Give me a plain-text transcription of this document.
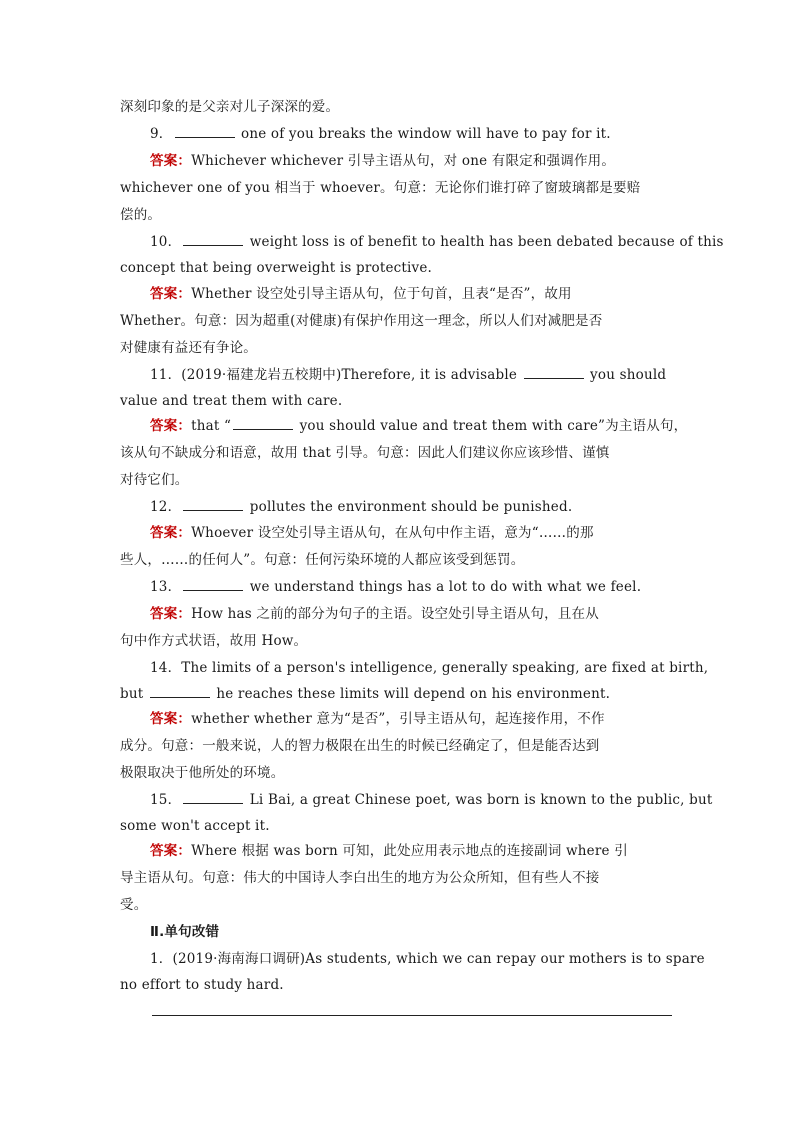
深刻印象的是父亲对儿子深深的爱。
9．	one of you breaks the window will have to pay for it.
答案：Whichever whichever 引导主语从句，对 one 有限定和强调作用。
whichever one of you 相当于 whoever。句意：无论你们谁打碎了窗玻璃都是要赔
偿的。
10．	weight loss is of benefit to health has been debated because of this
concept that being overweight is protective.
答案：Whether 设空处引导主语从句，位于句首，且表“是否”，故用
Whether。句意：因为超重(对健康)有保护作用这一理念，所以人们对减肥是否
对健康有益还有争论。
11．(2019·福建龙岩五校期中)Therefore, it is advisable	you should
value and treat them with care.
答案：that “	you should value and treat them with care”为主语从句，
该从句不缺成分和语意，故用 that 引导。句意：因此人们建议你应该珍惜、谨慎
对待它们。
12．	pollutes the environment should be punished.
答案：Whoever 设空处引导主语从句，在从句中作主语，意为“……的那
些人，……的任何人”。句意：任何污染环境的人都应该受到惩罚。
13．	we understand things has a lot to do with what we feel.
答案：How has 之前的部分为句子的主语。设空处引导主语从句，且在从
句中作方式状语，故用 How。
14．The limits of a person's intelligence, generally speaking, are fixed at birth,
but	he reaches these limits will depend on his environment.
答案：whether whether 意为“是否”，引导主语从句，起连接作用，不作
成分。句意：一般来说，人的智力极限在出生的时候已经确定了，但是能否达到
极限取决于他所处的环境。
15．	Li Bai, a great Chinese poet, was born is known to the public, but
some won't accept it.
答案：Where 根据 was born 可知，此处应用表示地点的连接副词 where 引
导主语从句。句意：伟大的中国诗人李白出生的地方为公众所知，但有些人不接
受。
Ⅱ.单句改错
1．(2019·海南海口调研)As students, which we can repay our mothers is to spare
no effort to study hard.
